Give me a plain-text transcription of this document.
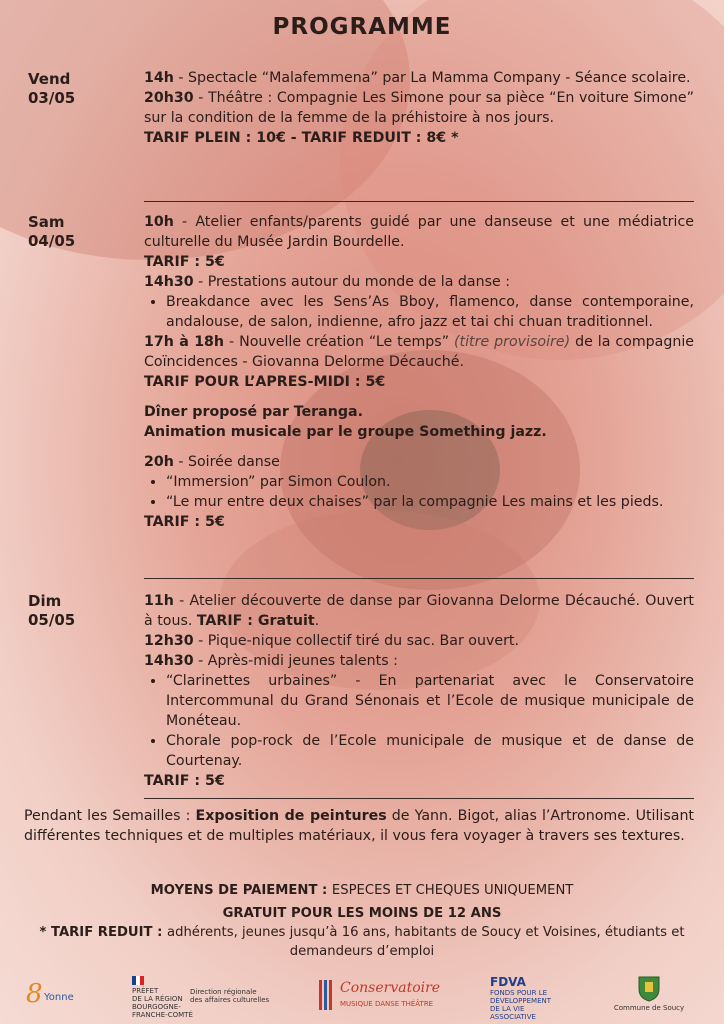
PROGRAMME
Vend
03/05

14h - Spectacle “Malafemmena” par La Mamma Company - Séance scolaire.

20h30 - Théâtre : Compagnie Les Simone pour sa pièce “En voiture Simone” sur la condition de la femme de la préhistoire à nos jours.

TARIF PLEIN : 10€ - TARIF REDUIT : 8€ *

Sam
04/05

10h - Atelier enfants/parents guidé par une danseuse et une médiatrice culturelle du Musée Jardin Bourdelle.

TARIF : 5€

14h30 - Prestations autour du monde de la danse :

• Breakdance avec les Sens’As Bboy, flamenco, danse contemporaine, andalouse, de salon, indienne, afro jazz et tai chi chuan traditionnel.

17h à 18h - Nouvelle création “Le temps” (titre provisoire) de la compagnie Coïncidences - Giovanna Delorme Décauché.

TARIF POUR L’APRES-MIDI : 5€

Dîner proposé par Teranga.

Animation musicale par le groupe Something jazz.

20h - Soirée danse

• “Immersion” par Simon Coulon.
• “Le mur entre deux chaises” par la compagnie Les mains et les pieds.

TARIF : 5€

Dim
05/05

11h - Atelier découverte de danse par Giovanna Delorme Décauché. Ouvert à tous. TARIF : Gratuit.

12h30 - Pique-nique collectif tiré du sac. Bar ouvert.

14h30 - Après-midi jeunes talents :

• “Clarinettes urbaines” - En partenariat avec le Conservatoire Intercommunal du Grand Sénonais et l’Ecole de musique municipale de Monéteau.
• Chorale pop-rock de l’Ecole municipale de musique et de danse de Courtenay.

TARIF : 5€

Pendant les Semailles : Exposition de peintures de Yann. Bigot, alias l’Artronome. Utilisant différentes techniques et de multiples matériaux, il vous fera voyager à travers ses textures.
MOYENS DE PAIEMENT : ESPECES ET CHEQUES UNIQUEMENT
GRATUIT POUR LES MOINS DE 12 ANS
* TARIF REDUIT : adhérents, jeunes jusqu’à 16 ans, habitants de Soucy et Voisines, étudiants et demandeurs d’emploi
8 Yonne
PRÉFET
DE LA RÉGION
BOURGOGNE-
FRANCHE-COMTÉ
Direction régionale
des affaires culturelles
Conservatoire
MUSIQUE DANSE THÉÂTRE
FDVA
FONDS POUR LE
DÉVELOPPEMENT
DE LA VIE
ASSOCIATIVE
Commune de Soucy
